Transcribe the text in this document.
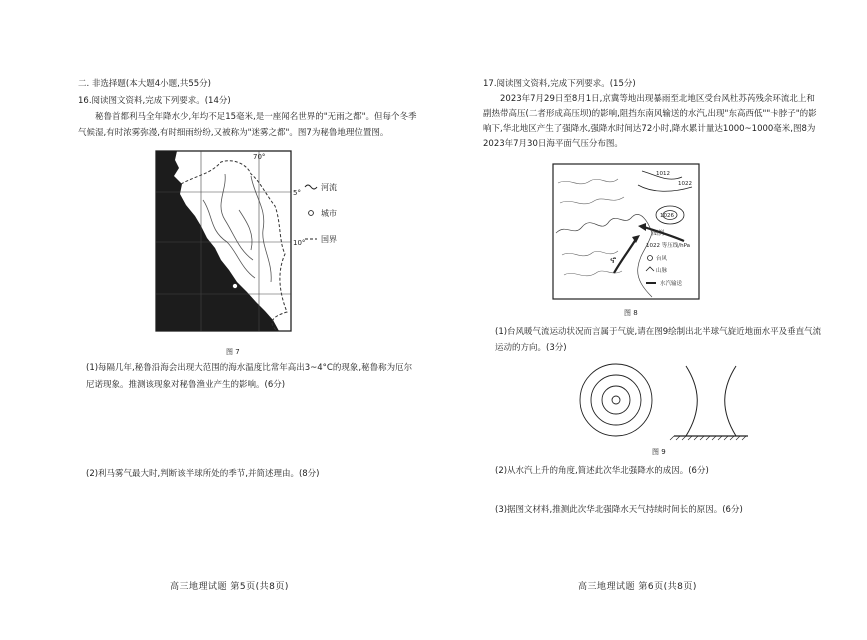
二. 非选择题(本大题4小题,共55分)
16.阅读图文资料,完成下列要求。(14分)
秘鲁首都利马全年降水少,年均不足15毫米,是一座闻名世界的"无雨之都"。但每个冬季气候湿,有时浓雾弥漫,有时细雨纷纷,又被称为"迷雾之都"。图7为秘鲁地理位置图。
70°
5°
10°
河流
城市
国界
图 7
(1)每隔几年,秘鲁沿海会出现大范围的海水温度比常年高出3~4°C的现象,秘鲁称为厄尔尼诺现象。推测该现象对秘鲁渔业产生的影响。(6分)
(2)利马雾气最大时,判断该半球所处的季节,并简述理由。(8分)
高三地理试题 第5页(共8页)
17.阅读图文资料,完成下列要求。(15分)
2023年7月29日至8月1日,京冀等地出现暴雨至北地区受台风杜苏芮残余环流北上和副热带高压(二者形成高压坝)的影响,阻挡东南风输送的水汽,出现"东高西低""卡脖子"的影响下,华北地区产生了强降水,强降水时间达72小时,降水累计量达1000~1000毫米,图8为2023年7月30日海平面气压分布图。
1012
1022
1026
ኖ
图例
1022 等压线/hPa
台风
山脉
水汽输送
图 8
(1)台风暖气流运动状况而言属于气旋,请在图9绘制出北半球气旋近地面水平及垂直气流运动的方向。(3分)
图 9
(2)从水汽上升的角度,简述此次华北强降水的成因。(6分)
(3)据图文材料,推测此次华北强降水天气持续时间长的原因。(6分)
高三地理试题 第6页(共8页)
